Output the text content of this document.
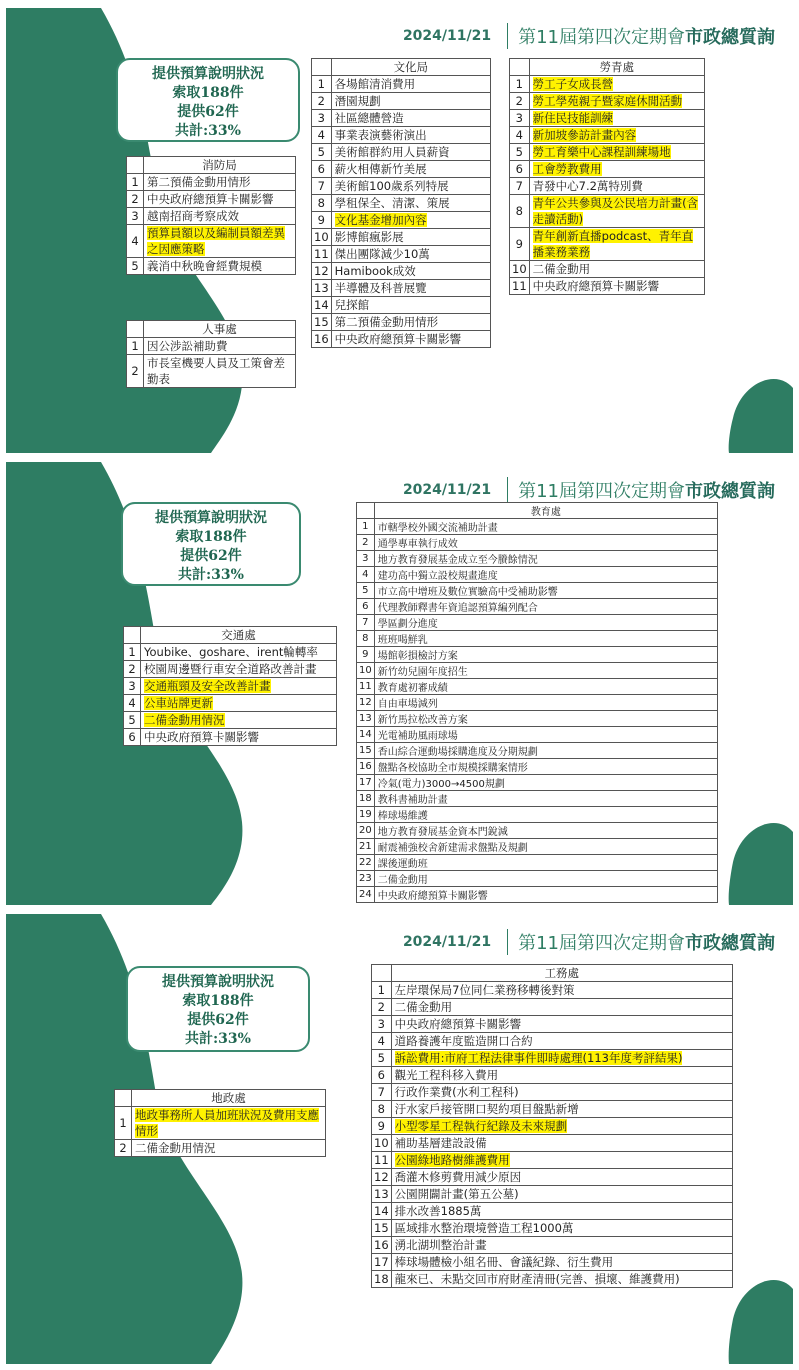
2024/11/21 第11屆第四次定期會 市政總質詢
提供預算說明狀況
索取188件
提供62件
共計:33%
	消防局
1	第二預備金動用情形
2	中央政府總預算卡關影響
3	越南招商考察成效
4	預算員額以及編制員額差異之因應策略
5	義消中秋晚會經費規模
	人事處
1	因公涉訟補助費
2	市長室機要人員及工策會差勤表
	文化局
1	各場館清消費用
2	潛園規劃
3	社區總體營造
4	事業表演藝術演出
5	美術館群約用人員薪資
6	薪火相傳新竹美展
7	美術館100歲系列特展
8	學租保全、清潔、策展
9	文化基金增加內容
10	影博館瘋影展
11	傑出團隊減少10萬
12	Hamibook成效
13	半導體及科普展覽
14	兒探館
15	第二預備金動用情形
16	中央政府總預算卡關影響
	勞青處
1	勞工子女成長營
2	勞工學苑親子暨家庭休閒活動
3	新住民技能訓練
4	新加坡參訪計畫內容
5	勞工育樂中心課程訓練場地
6	工會勞教費用
7	青發中心7.2萬特別費
8	青年公共參與及公民培力計畫(含走讀活動)
9	青年創新直播podcast、青年直播業務業務
10	二備金動用
11	中央政府總預算卡關影響
2024/11/21 第11屆第四次定期會 市政總質詢
提供預算說明狀況
索取188件
提供62件
共計:33%
	交通處
1	Youbike、goshare、irent輪轉率
2	校園周邊暨行車安全道路改善計畫
3	交通瓶頸及安全改善計畫
4	公車站牌更新
5	二備金動用情況
6	中央政府預算卡關影響
	教育處
1	市轄學校外國交流補助計畫
2	通學專車執行成效
3	地方教育發展基金成立至今賸餘情況
4	建功高中獨立設校規畫進度
5	市立高中增班及數位實驗高中受補助影響
6	代理教師釋書年資追認預算編列配合
7	學區劃分進度
8	班班喝鮮乳
9	場館彰損檢討方案
10	新竹幼兒園年度招生
11	教育處初審成績
12	自由車場減列
13	新竹馬拉松改善方案
14	光電補助風雨球場
15	香山綜合運動場採購進度及分期規劃
16	盤點各校協助全市規模採購案情形
17	冷氣(電力)3000→4500規劃
18	教科書補助計畫
19	棒球場維護
20	地方教育發展基金資本門銳減
21	耐震補強校舍新建需求盤點及規劃
22	課後運動班
23	二備金動用
24	中央政府總預算卡關影響
2024/11/21 第11屆第四次定期會 市政總質詢
提供預算說明狀況
索取188件
提供62件
共計:33%
	地政處
1	地政事務所人員加班狀況及費用支應情形
2	二備金動用情況
	工務處
1	左岸環保局7位同仁業務移轉後對策
2	二備金動用
3	中央政府總預算卡關影響
4	道路養護年度監造開口合約
5	訴訟費用:市府工程法律事件即時處理(113年度考評結果)
6	觀光工程科移入費用
7	行政作業費(水利工程科)
8	汙水家戶接管開口契約項目盤點新增
9	小型零星工程執行紀錄及未來規劃
10	補助基層建設設備
11	公園綠地路樹維護費用
12	喬灌木修剪費用減少原因
13	公園開闢計畫(第五公墓)
14	排水改善1885萬
15	區域排水整治環境營造工程1000萬
16	湧北湖圳整治計畫
17	棒球場體檢小組名冊、會議紀錄、衍生費用
18	龍來已、未點交回市府財產清冊(完善、損壞、維護費用)
